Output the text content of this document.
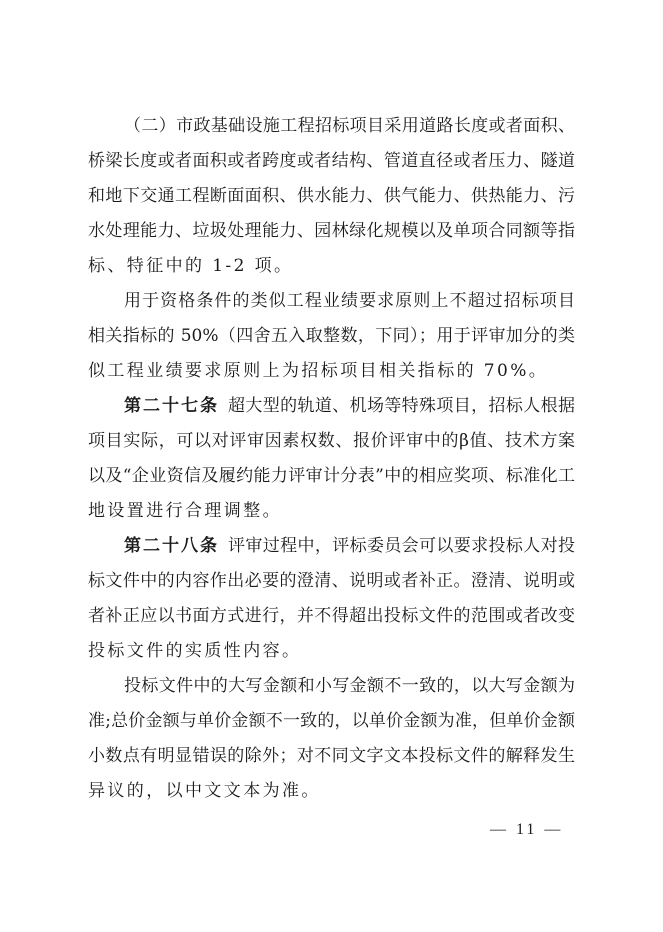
（二）市政基础设施工程招标项目采用道路长度或者面积、
桥梁长度或者面积或者跨度或者结构、管道直径或者压力、隧道
和地下交通工程断面面积、供水能力、供气能力、供热能力、污
水处理能力、垃圾处理能力、园林绿化规模以及单项合同额等指
标、特征中的 1-2 项。
用于资格条件的类似工程业绩要求原则上不超过招标项目
相关指标的 50%（四舍五入取整数，下同）；用于评审加分的类
似工程业绩要求原则上为招标项目相关指标的 70%。
第二十七条 超大型的轨道、机场等特殊项目，招标人根据
项目实际，可以对评审因素权数、报价评审中的β值、技术方案
以及“企业资信及履约能力评审计分表”中的相应奖项、标准化工
地设置进行合理调整。
第二十八条 评审过程中，评标委员会可以要求投标人对投
标文件中的内容作出必要的澄清、说明或者补正。澄清、说明或
者补正应以书面方式进行，并不得超出投标文件的范围或者改变
投标文件的实质性内容。
投标文件中的大写金额和小写金额不一致的，以大写金额为
准;总价金额与单价金额不一致的，以单价金额为准，但单价金额
小数点有明显错误的除外；对不同文字文本投标文件的解释发生
异议的，以中文文本为准。
— 11 —
